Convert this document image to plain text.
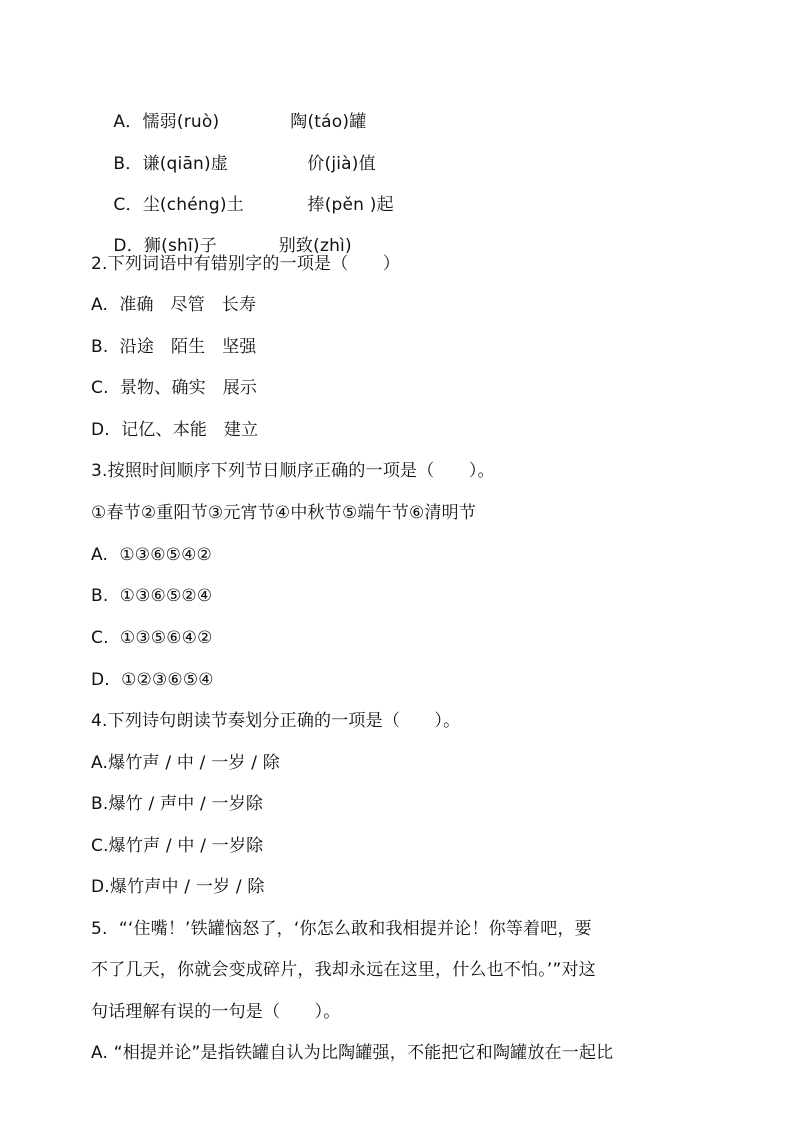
A．懦弱(ruò)	陶(táo)罐

B．谦(qiān)虚	价(jià)值

C．尘(chéng)土	捧(pěn )起

D．狮(shī)子	别致(zhì)

2.下列词语中有错别字的一项是（　　）
A.  准确   尽管   长寿
B.  沿途   陌生   坚强
C.  景物、确实   展示
D.  记亿、本能   建立
3.按照时间顺序下列节日顺序正确的一项是（　　）。
①春节②重阳节③元宵节④中秋节⑤端午节⑥清明节
A.  ①③⑥⑤④②
B.  ①③⑥⑤②④
C.  ①③⑤⑥④②
D.  ①②③⑥⑤④
4.下列诗句朗读节奏划分正确的一项是（　　）。
A.爆竹声 / 中 / 一岁 / 除
B.爆竹 / 声中 / 一岁除
C.爆竹声 / 中 / 一岁除
D.爆竹声中 / 一岁 / 除
5.  “‘住嘴！’铁罐恼怒了，‘你怎么敢和我相提并论！你等着吧，要
不了几天，你就会变成碎片，我却永远在这里，什么也不怕。’”对这
句话理解有误的一句是（　　）。
A. “相提并论”是指铁罐自认为比陶罐强，不能把它和陶罐放在一起比
